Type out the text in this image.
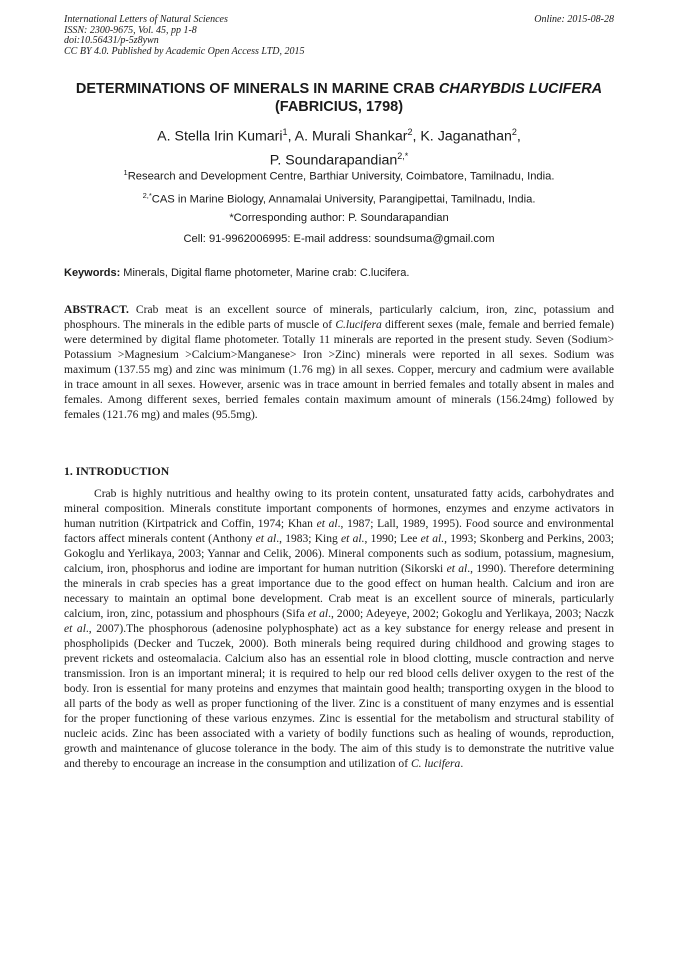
International Letters of Natural Sciences
ISSN: 2300-9675, Vol. 45, pp 1-8
doi:10.56431/p-5z8ywn
CC BY 4.0. Published by Academic Open Access LTD, 2015
Online: 2015-08-28
DETERMINATIONS OF MINERALS IN MARINE CRAB CHARYBDIS LUCIFERA (FABRICIUS, 1798)
A. Stella Irin Kumari$^1$, A. Murali Shankar$^2$, K. Jaganathan$^2$,
P. Soundarapandian$^{2,*}$
$^1$Research and Development Centre, Barthiar University, Coimbatore, Tamilnadu, India.
$^{2,*}$CAS in Marine Biology, Annamalai University, Parangipettai, Tamilnadu, India.
*Corresponding author: P. Soundarapandian
Cell: 91-9962006995: E-mail address: soundsuma@gmail.com
Keywords: Minerals, Digital flame photometer, Marine crab: C.lucifera.
ABSTRACT. Crab meat is an excellent source of minerals, particularly calcium, iron, zinc, potassium and phosphours. The minerals in the edible parts of muscle of C.lucifera different sexes (male, female and berried female) were determined by digital flame photometer. Totally 11 minerals are reported in the present study. Seven (Sodium> Potassium >Magnesium >Calcium>Manganese> Iron >Zinc) minerals were reported in all sexes. Sodium was maximum (137.55 mg) and zinc was minimum (1.76 mg) in all sexes. Copper, mercury and cadmium were available in trace amount in all sexes. However, arsenic was in trace amount in berried females and totally absent in males and females. Among different sexes, berried females contain maximum amount of minerals (156.24mg) followed by females (121.76 mg) and males (95.5mg).
1. INTRODUCTION
Crab is highly nutritious and healthy owing to its protein content, unsaturated fatty acids, carbohydrates and mineral composition. Minerals constitute important components of hormones, enzymes and enzyme activators in human nutrition (Kirtpatrick and Coffin, 1974; Khan et al., 1987; Lall, 1989, 1995). Food source and environmental factors affect minerals content (Anthony et al., 1983; King et al., 1990; Lee et al., 1993; Skonberg and Perkins, 2003; Gokoglu and Yerlikaya, 2003; Yannar and Celik, 2006). Mineral components such as sodium, potassium, magnesium, calcium, iron, phosphorus and iodine are important for human nutrition (Sikorski et al., 1990). Therefore determining the minerals in crab species has a great importance due to the good effect on human health. Calcium and iron are necessary to maintain an optimal bone development. Crab meat is an excellent source of minerals, particularly calcium, iron, zinc, potassium and phosphours (Sifa et al., 2000; Adeyeye, 2002; Gokoglu and Yerlikaya, 2003; Naczk et al., 2007).The phosphorous (adenosine polyphosphate) act as a key substance for energy release and present in phospholipids (Decker and Tuczek, 2000). Both minerals being required during childhood and growing stages to prevent rickets and osteomalacia. Calcium also has an essential role in blood clotting, muscle contraction and nerve transmission. Iron is an important mineral; it is required to help our red blood cells deliver oxygen to the rest of the body. Iron is essential for many proteins and enzymes that maintain good health; transporting oxygen in the blood to all parts of the body as well as proper functioning of the liver. Zinc is a constituent of many enzymes and is essential for the proper functioning of these various enzymes. Zinc is essential for the metabolism and structural stability of nucleic acids. Zinc has been associated with a variety of bodily functions such as healing of wounds, reproduction, growth and maintenance of glucose tolerance in the body. The aim of this study is to demonstrate the nutritive value and thereby to encourage an increase in the consumption and utilization of C. lucifera.
